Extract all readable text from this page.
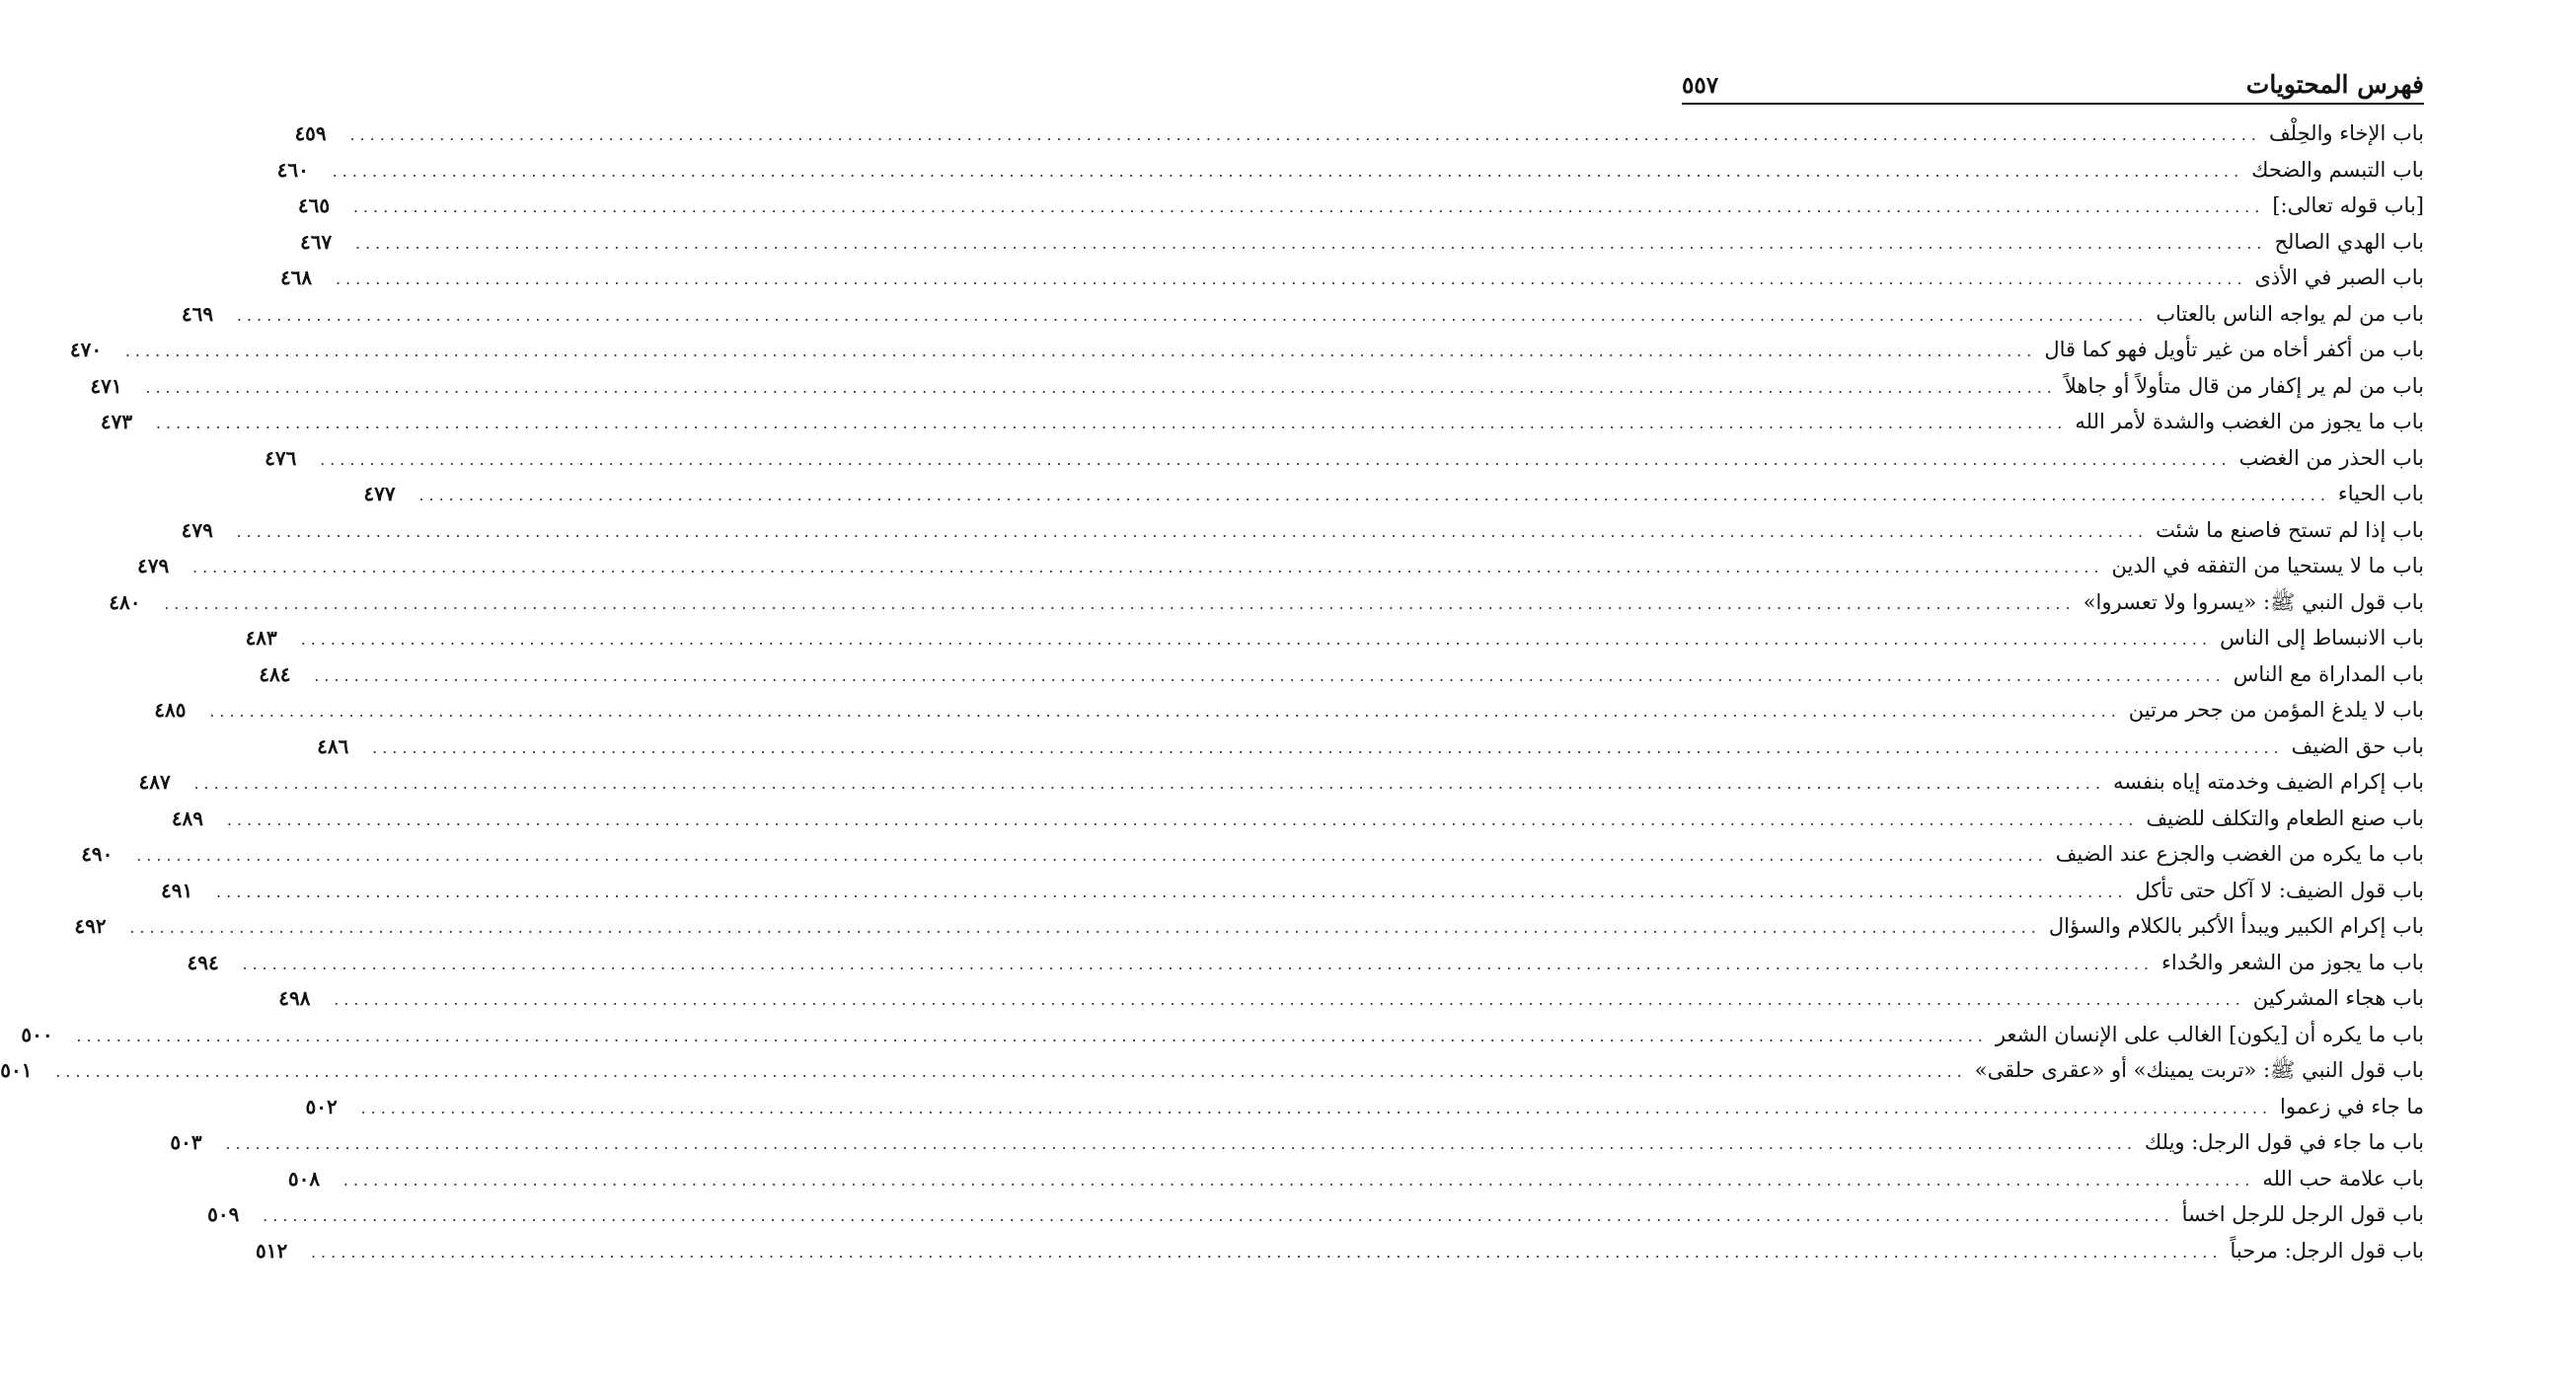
فهرس المحتويات
٥٥٧
باب الإخاء والحِلْف
................................................................................................................................................................................................
٤٥٩
باب التبسم والضحك
................................................................................................................................................................................................
٤٦٠
[باب قوله تعالى:]
................................................................................................................................................................................................
٤٦٥
باب الهدي الصالح
................................................................................................................................................................................................
٤٦٧
باب الصبر في الأذى
................................................................................................................................................................................................
٤٦٨
باب من لم يواجه الناس بالعتاب
................................................................................................................................................................................................
٤٦٩
باب من أكفر أخاه من غير تأويل فهو كما قال
................................................................................................................................................................................................
٤٧٠
باب من لم ير إكفار من قال متأولاً أو جاهلاً
................................................................................................................................................................................................
٤٧١
باب ما يجوز من الغضب والشدة لأمر الله
................................................................................................................................................................................................
٤٧٣
باب الحذر من الغضب
................................................................................................................................................................................................
٤٧٦
باب الحياء
................................................................................................................................................................................................
٤٧٧
باب إذا لم تستح فاصنع ما شئت
................................................................................................................................................................................................
٤٧٩
باب ما لا يستحيا من التفقه في الدين
................................................................................................................................................................................................
٤٧٩
باب قول النبي ﷺ: «يسروا ولا تعسروا»
................................................................................................................................................................................................
٤٨٠
باب الانبساط إلى الناس
................................................................................................................................................................................................
٤٨٣
باب المداراة مع الناس
................................................................................................................................................................................................
٤٨٤
باب لا يلدغ المؤمن من جحر مرتين
................................................................................................................................................................................................
٤٨٥
باب حق الضيف
................................................................................................................................................................................................
٤٨٦
باب إكرام الضيف وخدمته إياه بنفسه
................................................................................................................................................................................................
٤٨٧
باب صنع الطعام والتكلف للضيف
................................................................................................................................................................................................
٤٨٩
باب ما يكره من الغضب والجزع عند الضيف
................................................................................................................................................................................................
٤٩٠
باب قول الضيف: لا آكل حتى تأكل
................................................................................................................................................................................................
٤٩١
باب إكرام الكبير ويبدأ الأكبر بالكلام والسؤال
................................................................................................................................................................................................
٤٩٢
باب ما يجوز من الشعر والحُداء
................................................................................................................................................................................................
٤٩٤
باب هجاء المشركين
................................................................................................................................................................................................
٤٩٨
باب ما يكره أن [يكون] الغالب على الإنسان الشعر
................................................................................................................................................................................................
٥٠٠
باب قول النبي ﷺ: «تربت يمينك» أو «عقرى حلقى»
................................................................................................................................................................................................
٥٠١
ما جاء في زعموا
................................................................................................................................................................................................
٥٠٢
باب ما جاء في قول الرجل: ويلك
................................................................................................................................................................................................
٥٠٣
باب علامة حب الله
................................................................................................................................................................................................
٥٠٨
باب قول الرجل للرجل اخسأ
................................................................................................................................................................................................
٥٠٩
باب قول الرجل: مرحباً
................................................................................................................................................................................................
٥١٢
